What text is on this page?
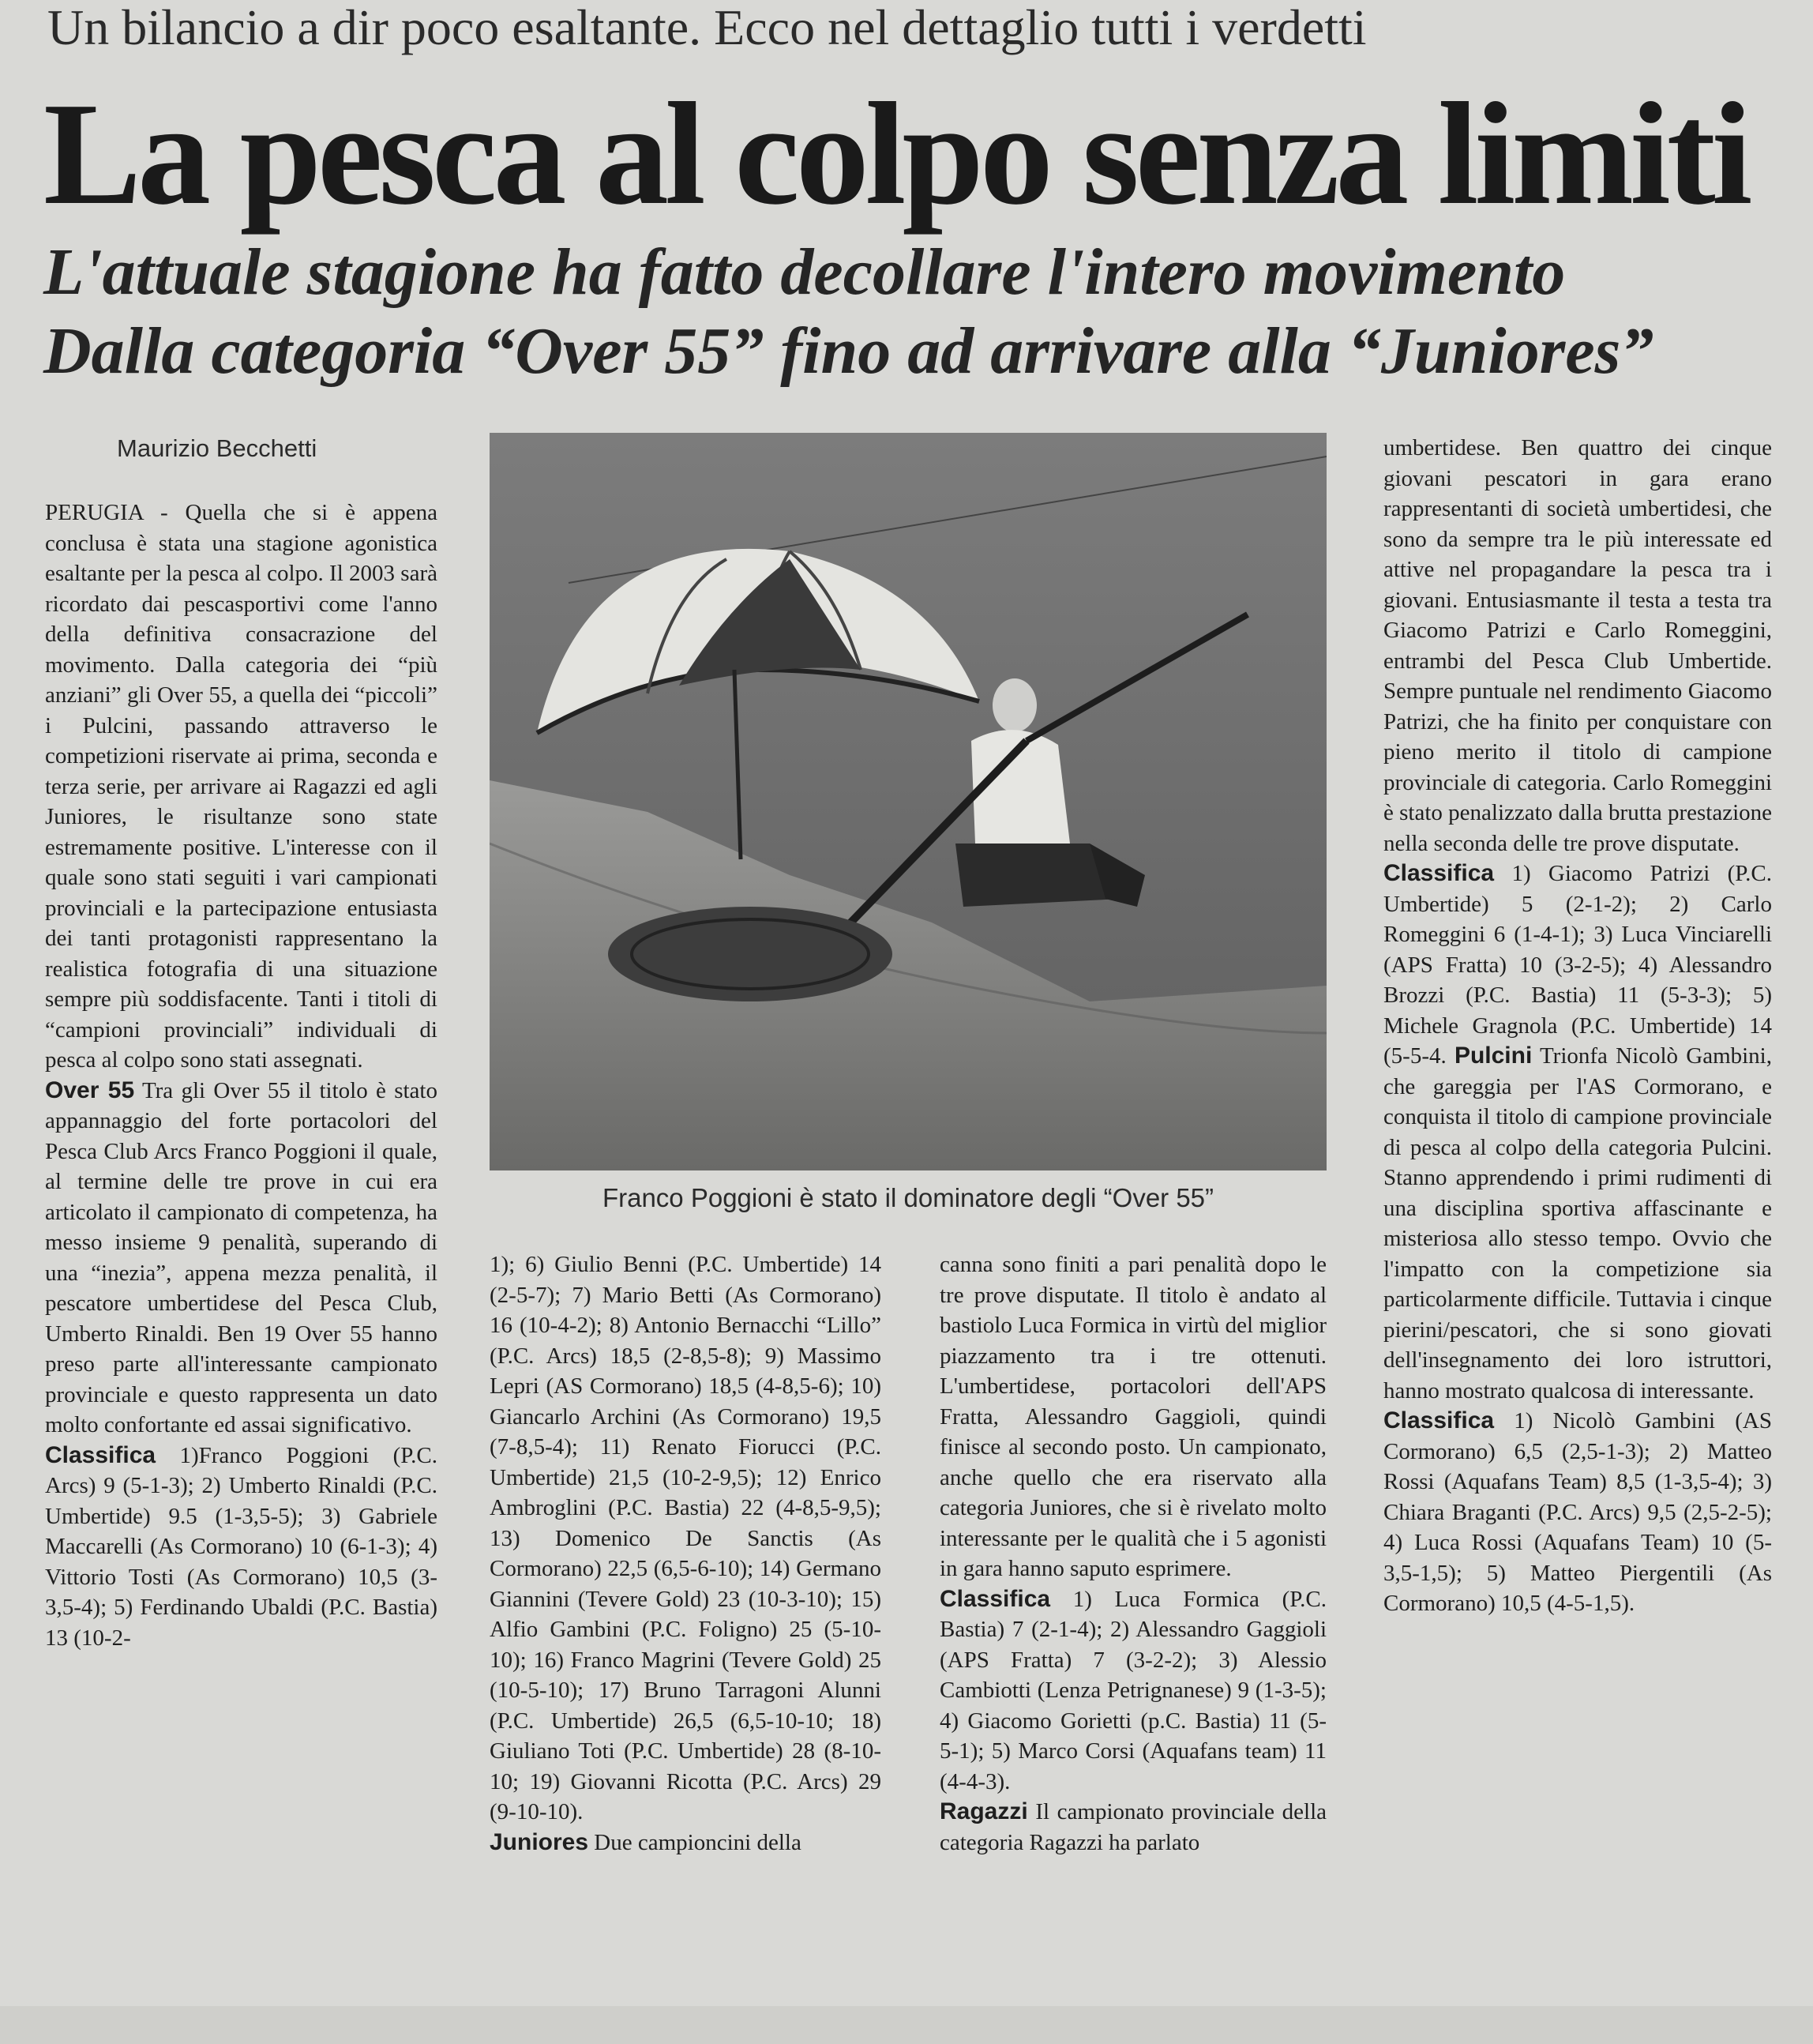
Un bilancio a dir poco esaltante. Ecco nel dettaglio tutti i verdetti
La pesca al colpo senza limiti
L'attuale stagione ha fatto decollare l'intero movimento
Dalla categoria “Over 55” fino ad arrivare alla “Juniores”
Maurizio Becchetti

PERUGIA - Quella che si è appena conclusa è stata una stagione agonistica esaltante per la pesca al colpo. Il 2003 sarà ricordato dai pescasportivi come l'anno della definitiva consacrazione del movimento. Dalla categoria dei “più anziani” gli Over 55, a quella dei “piccoli” i Pulcini, passando attraverso le competizioni riservate ai prima, seconda e terza serie, per arrivare ai Ragazzi ed agli Juniores, le risultanze sono state estremamente positive. L'interesse con il quale sono stati seguiti i vari campionati provinciali e la partecipazione entusiasta dei tanti protagonisti rappresentano la realistica fotografia di una situazione sempre più soddisfacente. Tanti i titoli di “campioni provinciali” individuali di pesca al colpo sono stati assegnati.

Over 55 Tra gli Over 55 il titolo è stato appannaggio del forte portacolori del Pesca Club Arcs Franco Poggioni il quale, al termine delle tre prove in cui era articolato il campionato di competenza, ha messo insieme 9 penalità, superando di una “inezia”, appena mezza penalità, il pescatore umbertidese del Pesca Club, Umberto Rinaldi. Ben 19 Over 55 hanno preso parte all'interessante campionato provinciale e questo rappresenta un dato molto confortante ed assai significativo.

Classifica 1)Franco Poggioni (P.C. Arcs) 9 (5-1-3); 2) Umberto Rinaldi (P.C. Umbertide) 9.5 (1-3,5-5); 3) Gabriele Maccarelli (As Cormorano) 10 (6-1-3); 4) Vittorio Tosti (As Cormorano) 10,5 (3-3,5-4); 5) Ferdinando Ubaldi (P.C. Bastia) 13 (10-2-

Franco Poggioni è stato il dominatore degli “Over 55”

1); 6) Giulio Benni (P.C. Umbertide) 14 (2-5-7); 7) Mario Betti (As Cormorano) 16 (10-4-2); 8) Antonio Bernacchi “Lillo” (P.C. Arcs) 18,5 (2-8,5-8); 9) Massimo Lepri (AS Cormorano) 18,5 (4-8,5-6); 10) Giancarlo Archini (As Cormorano) 19,5 (7-8,5-4); 11) Renato Fiorucci (P.C. Umbertide) 21,5 (10-2-9,5); 12) Enrico Ambroglini (P.C. Bastia) 22 (4-8,5-9,5); 13) Domenico De Sanctis (As Cormorano) 22,5 (6,5-6-10); 14) Germano Giannini (Tevere Gold) 23 (10-3-10); 15) Alfio Gambini (P.C. Foligno) 25 (5-10-10); 16) Franco Magrini (Tevere Gold) 25 (10-5-10); 17) Bruno Tarragoni Alunni (P.C. Umbertide) 26,5 (6,5-10-10; 18) Giuliano Toti (P.C. Umbertide) 28 (8-10-10; 19) Giovanni Ricotta (P.C. Arcs) 29 (9-10-10).

Juniores Due campioncini della

canna sono finiti a pari penalità dopo le tre prove disputate. Il titolo è andato al bastiolo Luca Formica in virtù del miglior piazzamento tra i tre ottenuti. L'umbertidese, portacolori dell'APS Fratta, Alessandro Gaggioli, quindi finisce al secondo posto. Un campionato, anche quello che era riservato alla categoria Juniores, che si è rivelato molto interessante per le qualità che i 5 agonisti in gara hanno saputo esprimere.

Classifica 1) Luca Formica (P.C. Bastia) 7 (2-1-4); 2) Alessandro Gaggioli (APS Fratta) 7 (3-2-2); 3) Alessio Cambiotti (Lenza Petrignanese) 9 (1-3-5); 4) Giacomo Gorietti (p.C. Bastia) 11 (5-5-1); 5) Marco Corsi (Aquafans team) 11 (4-4-3).

Ragazzi Il campionato provinciale della categoria Ragazzi ha parlato

umbertidese. Ben quattro dei cinque giovani pescatori in gara erano rappresentanti di società umbertidesi, che sono da sempre tra le più interessate ed attive nel propagandare la pesca tra i giovani. Entusiasmante il testa a testa tra Giacomo Patrizi e Carlo Romeggini, entrambi del Pesca Club Umbertide. Sempre puntuale nel rendimento Giacomo Patrizi, che ha finito per conquistare con pieno merito il titolo di campione provinciale di categoria. Carlo Romeggini è stato penalizzato dalla brutta prestazione nella seconda delle tre prove disputate.

Classifica 1) Giacomo Patrizi (P.C. Umbertide) 5 (2-1-2); 2) Carlo Romeggini 6 (1-4-1); 3) Luca Vinciarelli (APS Fratta) 10 (3-2-5); 4) Alessandro Brozzi (P.C. Bastia) 11 (5-3-3); 5) Michele Gragnola (P.C. Umbertide) 14 (5-5-4. Pulcini Trionfa Nicolò Gambini, che gareggia per l'AS Cormorano, e conquista il titolo di campione provinciale di pesca al colpo della categoria Pulcini. Stanno apprendendo i primi rudimenti di una disciplina sportiva affascinante e misteriosa allo stesso tempo. Ovvio che l'impatto con la competizione sia particolarmente difficile. Tuttavia i cinque pierini/pescatori, che si sono giovati dell'insegnamento dei loro istruttori, hanno mostrato qualcosa di interessante.

Classifica 1) Nicolò Gambini (AS Cormorano) 6,5 (2,5-1-3); 2) Matteo Rossi (Aquafans Team) 8,5 (1-3,5-4); 3) Chiara Braganti (P.C. Arcs) 9,5 (2,5-2-5); 4) Luca Rossi (Aquafans Team) 10 (5-3,5-1,5); 5) Matteo Piergentili (As Cormorano) 10,5 (4-5-1,5).
